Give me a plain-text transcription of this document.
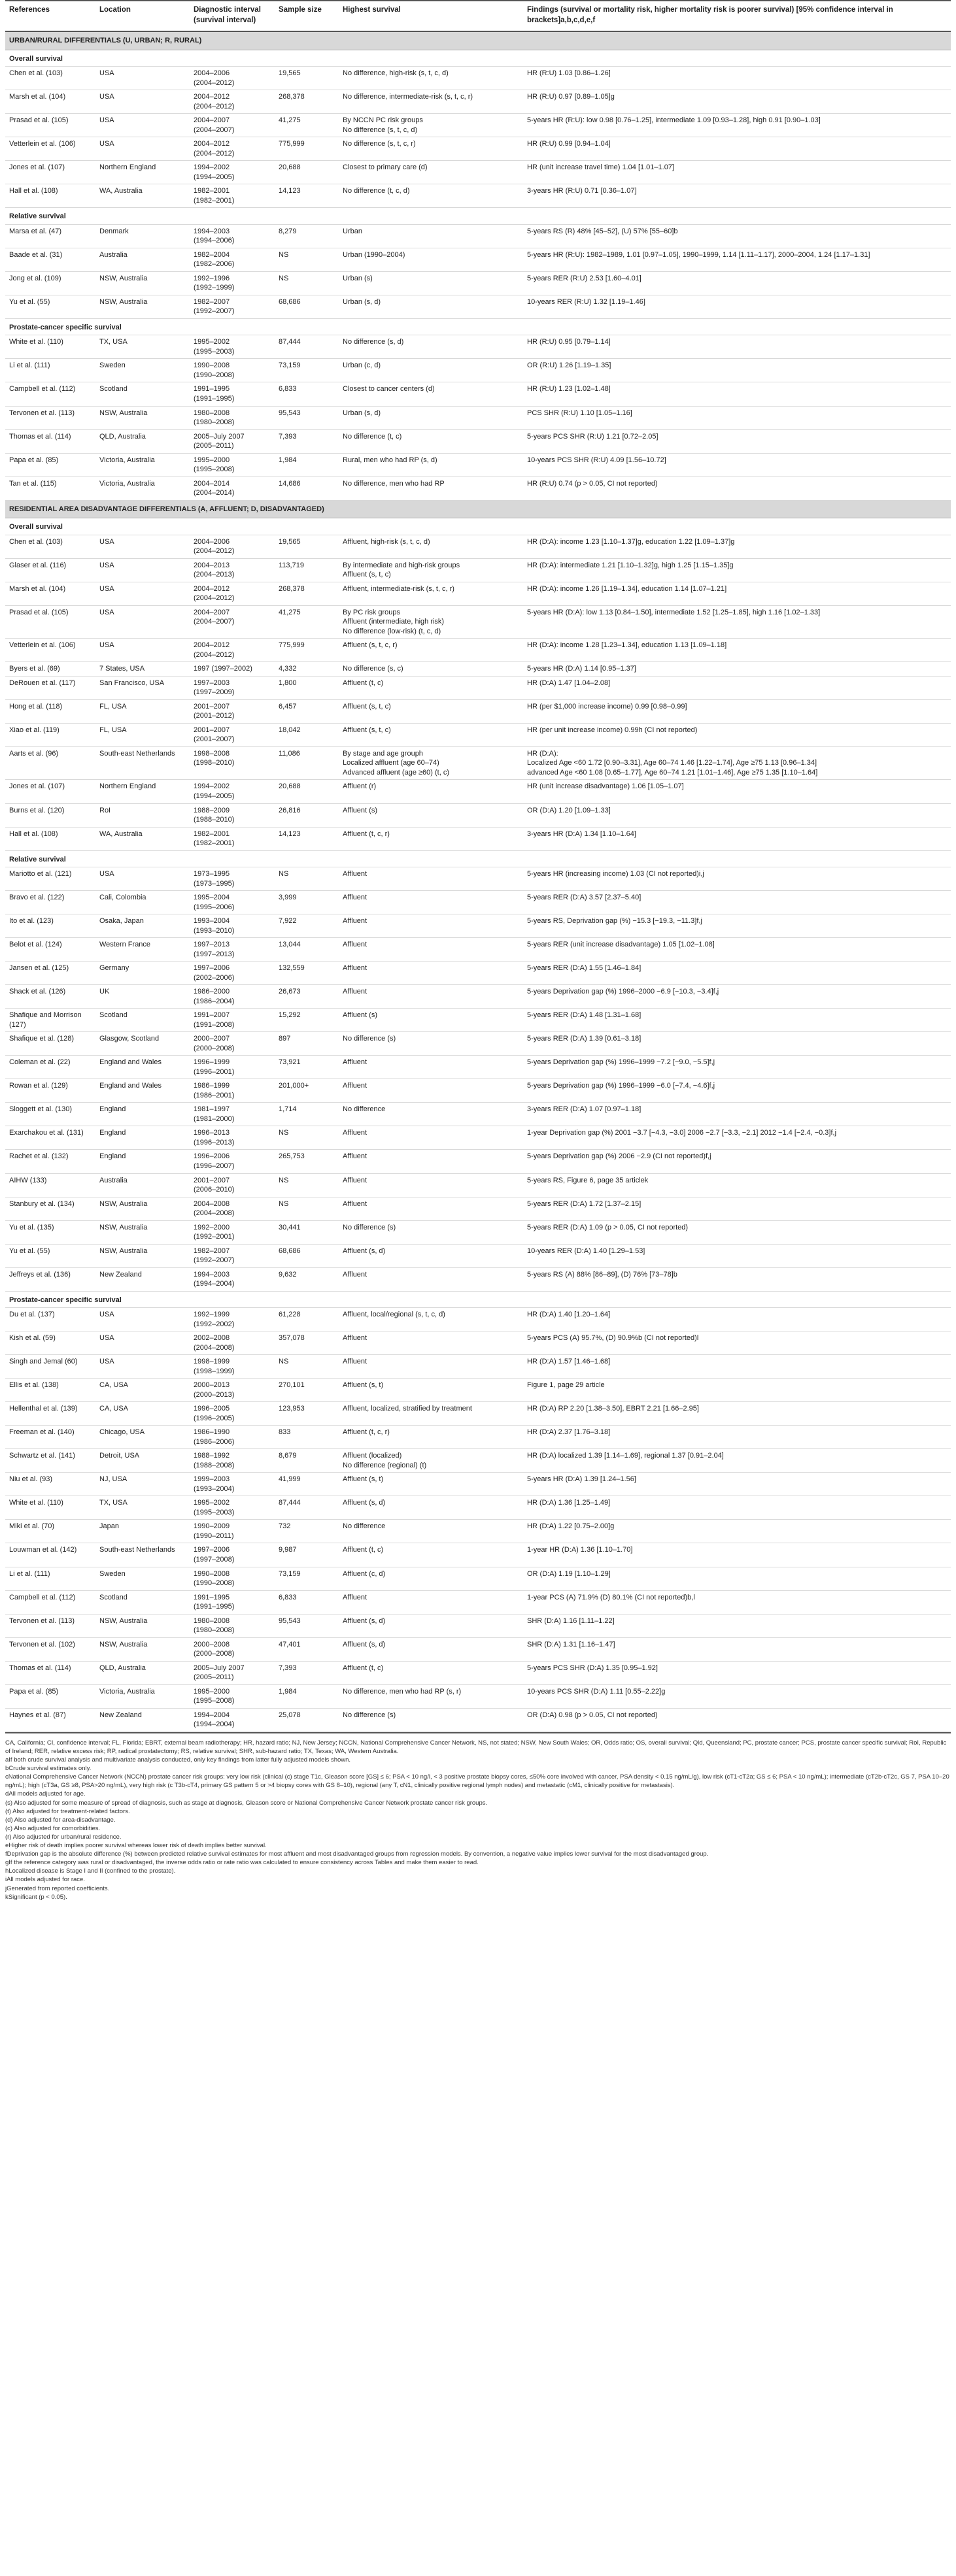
References	Location	Diagnostic interval (survival interval)	Sample size	Highest survival	Findings (survival or mortality risk, higher mortality risk is poorer survival) [95% confidence interval in brackets]a,b,c,d,e,f
URBAN/RURAL DIFFERENTIALS (U, URBAN; R, RURAL)					
Overall survival					
Chen et al. (103)	USA	2004–2006
(2004–2012)	19,565	No difference, high-risk (s, t, c, d)	HR (R:U) 1.03 [0.86–1.26]
Marsh et al. (104)	USA	2004–2012
(2004–2012)	268,378	No difference, intermediate-risk (s, t, c, r)	HR (R:U) 0.97 [0.89–1.05]g
Prasad et al. (105)	USA	2004–2007
(2004–2007)	41,275	By NCCN PC risk groups
No difference (s, t, c, d)	5-years HR (R:U): low 0.98 [0.76–1.25], intermediate 1.09 [0.93–1.28], high 0.91 [0.90–1.03]
Vetterlein et al. (106)	USA	2004–2012
(2004–2012)	775,999	No difference (s, t, c, r)	HR (R:U) 0.99 [0.94–1.04]
Jones et al. (107)	Northern England	1994–2002
(1994–2005)	20,688	Closest to primary care (d)	HR (unit increase travel time) 1.04 [1.01–1.07]
Hall et al. (108)	WA, Australia	1982–2001
(1982–2001)	14,123	No difference (t, c, d)	3-years HR (R:U) 0.71 [0.36–1.07]
Relative survival					
Marsa et al. (47)	Denmark	1994–2003
(1994–2006)	8,279	Urban	5-years RS (R) 48% [45–52], (U) 57% [55–60]b
Baade et al. (31)	Australia	1982–2004
(1982–2006)	NS	Urban (1990–2004)	5-years HR (R:U): 1982–1989, 1.01 [0.97–1.05], 1990–1999, 1.14 [1.11–1.17], 2000–2004, 1.24 [1.17–1.31]
Jong et al. (109)	NSW, Australia	1992–1996
(1992–1999)	NS	Urban (s)	5-years RER (R:U) 2.53 [1.60–4.01]
Yu et al. (55)	NSW, Australia	1982–2007
(1992–2007)	68,686	Urban (s, d)	10-years RER (R:U) 1.32 [1.19–1.46]
Prostate-cancer specific survival					
White et al. (110)	TX, USA	1995–2002
(1995–2003)	87,444	No difference (s, d)	HR (R:U) 0.95 [0.79–1.14]
Li et al. (111)	Sweden	1990–2008
(1990–2008)	73,159	Urban (c, d)	OR (R:U) 1.26 [1.19–1.35]
Campbell et al. (112)	Scotland	1991–1995
(1991–1995)	6,833	Closest to cancer centers (d)	HR (R:U) 1.23 [1.02–1.48]
Tervonen et al. (113)	NSW, Australia	1980–2008
(1980–2008)	95,543	Urban (s, d)	PCS SHR (R:U) 1.10 [1.05–1.16]
Thomas et al. (114)	QLD, Australia	2005–July 2007
(2005–2011)	7,393	No difference (t, c)	5-years PCS SHR (R:U) 1.21 [0.72–2.05]
Papa et al. (85)	Victoria, Australia	1995–2000
(1995–2008)	1,984	Rural, men who had RP (s, d)	10-years PCS SHR (R:U) 4.09 [1.56–10.72]
Tan et al. (115)	Victoria, Australia	2004–2014
(2004–2014)	14,686	No difference, men who had RP	HR (R:U) 0.74 (p > 0.05, CI not reported)
RESIDENTIAL AREA DISADVANTAGE DIFFERENTIALS (A, AFFLUENT; D, DISADVANTAGED)					
Overall survival					
Chen et al. (103)	USA	2004–2006
(2004–2012)	19,565	Affluent, high-risk (s, t, c, d)	HR (D:A): income 1.23 [1.10–1.37]g, education 1.22 [1.09–1.37]g
Glaser et al. (116)	USA	2004–2013
(2004–2013)	113,719	By intermediate and high-risk groups
Affluent (s, t, c)	HR (D:A): intermediate 1.21 [1.10–1.32]g, high 1.25 [1.15–1.35]g
Marsh et al. (104)	USA	2004–2012
(2004–2012)	268,378	Affluent, intermediate-risk (s, t, c, r)	HR (D:A): income 1.26 [1.19–1.34], education 1.14 [1.07–1.21]
Prasad et al. (105)	USA	2004–2007
(2004–2007)	41,275	By PC risk groups
Affluent (intermediate, high risk)
No difference (low-risk) (t, c, d)	5-years HR (D:A): low 1.13 [0.84–1.50], intermediate 1.52 [1.25–1.85], high 1.16 [1.02–1.33]
Vetterlein et al. (106)	USA	2004–2012
(2004–2012)	775,999	Affluent (s, t, c, r)	HR (D:A): income 1.28 [1.23–1.34], education 1.13 [1.09–1.18]
Byers et al. (69)	7 States, USA	1997 (1997–2002)	4,332	No difference (s, c)	5-years HR (D:A) 1.14 [0.95–1.37]
DeRouen et al. (117)	San Francisco, USA	1997–2003
(1997–2009)	1,800	Affluent (t, c)	HR (D:A) 1.47 [1.04–2.08]
Hong et al. (118)	FL, USA	2001–2007
(2001–2012)	6,457	Affluent (s, t, c)	HR (per $1,000 increase income) 0.99 [0.98–0.99]
Xiao et al. (119)	FL, USA	2001–2007
(2001–2007)	18,042	Affluent (s, t, c)	HR (per unit increase income) 0.99h (CI not reported)
Aarts et al. (96)	South-east Netherlands	1998–2008
(1998–2010)	11,086	By stage and age grouph
Localized affluent (age 60–74)
Advanced affluent (age ≥60) (t, c)	HR (D:A):
Localized Age <60 1.72 [0.90–3.31], Age 60–74 1.46 [1.22–1.74], Age ≥75 1.13 [0.96–1.34]
advanced Age <60 1.08 [0.65–1.77], Age 60–74 1.21 [1.01–1.46], Age ≥75 1.35 [1.10–1.64]
Jones et al. (107)	Northern England	1994–2002
(1994–2005)	20,688	Affluent (r)	HR (unit increase disadvantage) 1.06 [1.05–1.07]
Burns et al. (120)	RoI	1988–2009
(1988–2010)	26,816	Affluent (s)	OR (D:A) 1.20 [1.09–1.33]
Hall et al. (108)	WA, Australia	1982–2001
(1982–2001)	14,123	Affluent (t, c, r)	3-years HR (D:A) 1.34 [1.10–1.64]
Relative survival					
Mariotto et al. (121)	USA	1973–1995
(1973–1995)	NS	Affluent	5-years HR (increasing income) 1.03 (CI not reported)i,j
Bravo et al. (122)	Cali, Colombia	1995–2004
(1995–2006)	3,999	Affluent	5-years RER (D:A) 3.57 [2.37–5.40]
Ito et al. (123)	Osaka, Japan	1993–2004
(1993–2010)	7,922	Affluent	5-years RS, Deprivation gap (%) −15.3 [−19.3, −11.3]f,j
Belot et al. (124)	Western France	1997–2013
(1997–2013)	13,044	Affluent	5-years RER (unit increase disadvantage) 1.05 [1.02–1.08]
Jansen et al. (125)	Germany	1997–2006
(2002–2006)	132,559	Affluent	5-years RER (D:A) 1.55 [1.46–1.84]
Shack et al. (126)	UK	1986–2000
(1986–2004)	26,673	Affluent	5-years Deprivation gap (%) 1996–2000 −6.9 [−10.3, −3.4]f,j
Shafique and Morrison (127)	Scotland	1991–2007
(1991–2008)	15,292	Affluent (s)	5-years RER (D:A) 1.48 [1.31–1.68]
Shafique et al. (128)	Glasgow, Scotland	2000–2007
(2000–2008)	897	No difference (s)	5-years RER (D:A) 1.39 [0.61–3.18]
Coleman et al. (22)	England and Wales	1996–1999
(1996–2001)	73,921	Affluent	5-years Deprivation gap (%) 1996–1999 −7.2 [−9.0, −5.5]f,j
Rowan et al. (129)	England and Wales	1986–1999
(1986–2001)	201,000+	Affluent	5-years Deprivation gap (%) 1996–1999 −6.0 [−7.4, −4.6]f,j
Sloggett et al. (130)	England	1981–1997
(1981–2000)	1,714	No difference	3-years RER (D:A) 1.07 [0.97–1.18]
Exarchakou et al. (131)	England	1996–2013
(1996–2013)	NS	Affluent	1-year Deprivation gap (%) 2001 −3.7 [−4.3, −3.0] 2006 −2.7 [−3.3, −2.1] 2012 −1.4 [−2.4, −0.3]f,j
Rachet et al. (132)	England	1996–2006
(1996–2007)	265,753	Affluent	5-years Deprivation gap (%) 2006 −2.9 (CI not reported)f,j
AIHW (133)	Australia	2001–2007
(2006–2010)	NS	Affluent	5-years RS, Figure 6, page 35 articlek
Stanbury et al. (134)	NSW, Australia	2004–2008
(2004–2008)	NS	Affluent	5-years RER (D:A) 1.72 [1.37–2.15]
Yu et al. (135)	NSW, Australia	1992–2000
(1992–2001)	30,441	No difference (s)	5-years RER (D:A) 1.09 (p > 0.05, CI not reported)
Yu et al. (55)	NSW, Australia	1982–2007
(1992–2007)	68,686	Affluent (s, d)	10-years RER (D:A) 1.40 [1.29–1.53]
Jeffreys et al. (136)	New Zealand	1994–2003
(1994–2004)	9,632	Affluent	5-years RS (A) 88% [86–89], (D) 76% [73–78]b
Prostate-cancer specific survival					
Du et al. (137)	USA	1992–1999
(1992–2002)	61,228	Affluent, local/regional (s, t, c, d)	HR (D:A) 1.40 [1.20–1.64]
Kish et al. (59)	USA	2002–2008
(2004–2008)	357,078	Affluent	5-years PCS (A) 95.7%, (D) 90.9%b (CI not reported)l
Singh and Jemal (60)	USA	1998–1999
(1998–1999)	NS	Affluent	HR (D:A) 1.57 [1.46–1.68]
Ellis et al. (138)	CA, USA	2000–2013
(2000–2013)	270,101	Affluent (s, t)	Figure 1, page 29 article
Hellenthal et al. (139)	CA, USA	1996–2005
(1996–2005)	123,953	Affluent, localized, stratified by treatment	HR (D:A) RP 2.20 [1.38–3.50], EBRT 2.21 [1.66–2.95]
Freeman et al. (140)	Chicago, USA	1986–1990
(1986–2006)	833	Affluent (t, c, r)	HR (D:A) 2.37 [1.76–3.18]
Schwartz et al. (141)	Detroit, USA	1988–1992
(1988–2008)	8,679	Affluent (localized)
No difference (regional) (t)	HR (D:A) localized 1.39 [1.14–1.69], regional 1.37 [0.91–2.04]
Niu et al. (93)	NJ, USA	1999–2003
(1993–2004)	41,999	Affluent (s, t)	5-years HR (D:A) 1.39 [1.24–1.56]
White et al. (110)	TX, USA	1995–2002
(1995–2003)	87,444	Affluent (s, d)	HR (D:A) 1.36 [1.25–1.49]
Miki et al. (70)	Japan	1990–2009
(1990–2011)	732	No difference	HR (D:A) 1.22 [0.75–2.00]g
Louwman et al. (142)	South-east Netherlands	1997–2006
(1997–2008)	9,987	Affluent (t, c)	1-year HR (D:A) 1.36 [1.10–1.70]
Li et al. (111)	Sweden	1990–2008
(1990–2008)	73,159	Affluent (c, d)	OR (D:A) 1.19 [1.10–1.29]
Campbell et al. (112)	Scotland	1991–1995
(1991–1995)	6,833	Affluent	1-year PCS (A) 71.9% (D) 80.1% (CI not reported)b,l
Tervonen et al. (113)	NSW, Australia	1980–2008
(1980–2008)	95,543	Affluent (s, d)	SHR (D:A) 1.16 [1.11–1.22]
Tervonen et al. (102)	NSW, Australia	2000–2008
(2000–2008)	47,401	Affluent (s, d)	SHR (D:A) 1.31 [1.16–1.47]
Thomas et al. (114)	QLD, Australia	2005–July 2007
(2005–2011)	7,393	Affluent (t, c)	5-years PCS SHR (D:A) 1.35 [0.95–1.92]
Papa et al. (85)	Victoria, Australia	1995–2000
(1995–2008)	1,984	No difference, men who had RP (s, r)	10-years PCS SHR (D:A) 1.11 [0.55–2.22]g
Haynes et al. (87)	New Zealand	1994–2004
(1994–2004)	25,078	No difference (s)	OR (D:A) 0.98 (p > 0.05, CI not reported)
CA, California; CI, confidence interval; FL, Florida; EBRT, external beam radiotherapy; HR, hazard ratio; NJ, New Jersey; NCCN, National Comprehensive Cancer Network, NS, not stated; NSW, New South Wales; OR, Odds ratio; OS, overall survival; Qld, Queensland; PC, prostate cancer; PCS, prostate cancer specific survival; RoI, Republic of Ireland; RER, relative excess risk; RP, radical prostatectomy; RS, relative survival; SHR, sub-hazard ratio; TX, Texas; WA, Western Australia.
aIf both crude survival analysis and multivariate analysis conducted, only key findings from latter fully adjusted models shown.
bCrude survival estimates only.
cNational Comprehensive Cancer Network (NCCN) prostate cancer risk groups: very low risk (clinical (c) stage T1c, Gleason score [GS] ≤ 6; PSA < 10 ng/l, < 3 positive prostate biopsy cores, ≤50% core involved with cancer, PSA density < 0.15 ng/mL/g), low risk (cT1-cT2a; GS ≤ 6; PSA < 10 ng/mL); intermediate (cT2b-cT2c, GS 7, PSA 10–20 ng/mL); high (cT3a, GS ≥8, PSA>20 ng/mL), very high risk (c T3b-cT4, primary GS pattern 5 or >4 biopsy cores with GS 8–10), regional (any T, cN1, clinically positive regional lymph nodes) and metastatic (cM1, clinically positive for metastasis).
dAll models adjusted for age.
(s) Also adjusted for some measure of spread of diagnosis, such as stage at diagnosis, Gleason score or National Comprehensive Cancer Network prostate cancer risk groups.
(t) Also adjusted for treatment-related factors.
(d) Also adjusted for area-disadvantage.
(c) Also adjusted for comorbidities.
(r) Also adjusted for urban/rural residence.
eHigher risk of death implies poorer survival whereas lower risk of death implies better survival.
fDeprivation gap is the absolute difference (%) between predicted relative survival estimates for most affluent and most disadvantaged groups from regression models. By convention, a negative value implies lower survival for the most disadvantaged group.
gIf the reference category was rural or disadvantaged, the inverse odds ratio or rate ratio was calculated to ensure consistency across Tables and make them easier to read.
hLocalized disease is Stage I and II (confined to the prostate).
iAll models adjusted for race.
jGenerated from reported coefficients.
kSignificant (p < 0.05).
